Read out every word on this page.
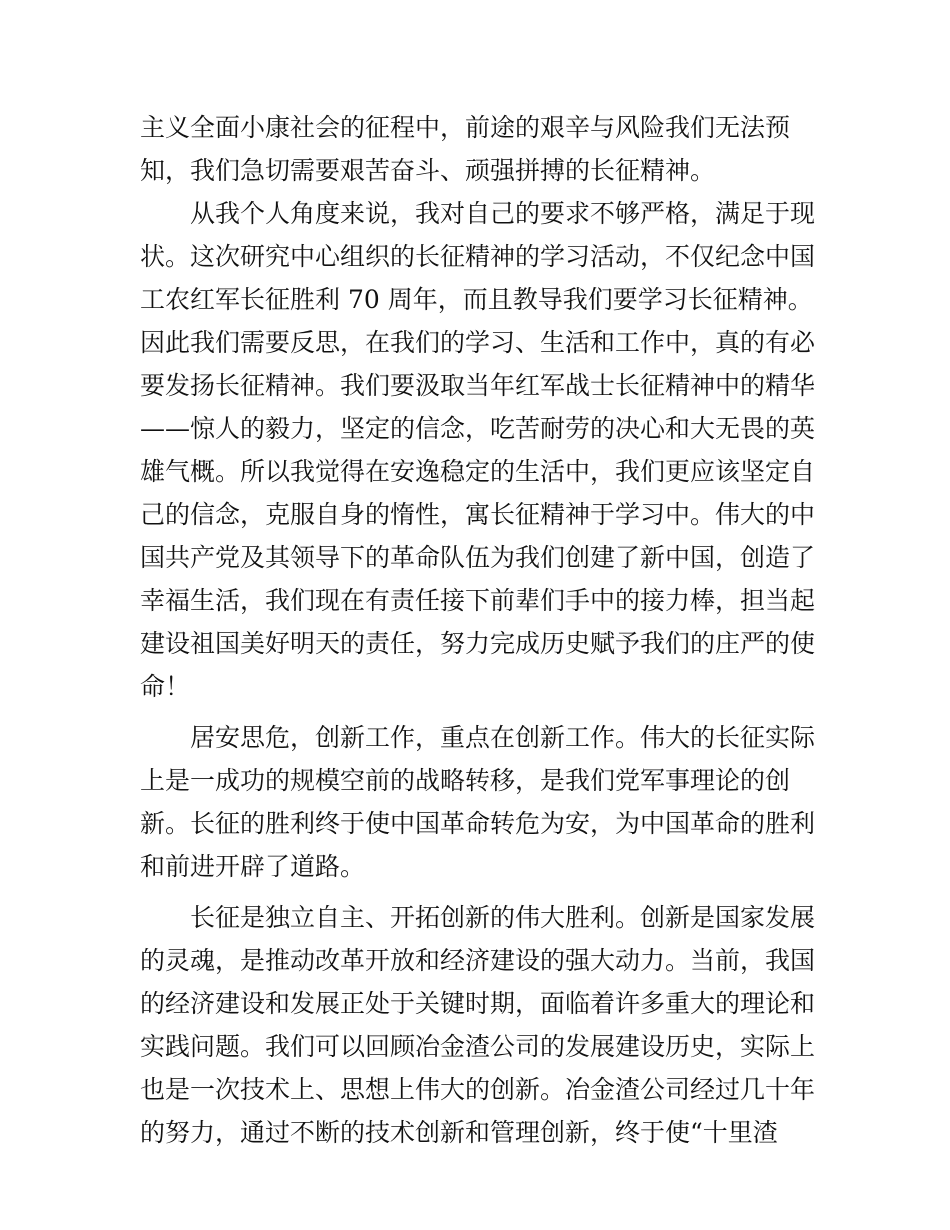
主义全面小康社会的征程中，前途的艰辛与风险我们无法预
知，我们急切需要艰苦奋斗、顽强拼搏的长征精神。
　　从我个人角度来说，我对自己的要求不够严格，满足于现
状。这次研究中心组织的长征精神的学习活动，不仅纪念中国
工农红军长征胜利 70 周年，而且教导我们要学习长征精神。
因此我们需要反思，在我们的学习、生活和工作中，真的有必
要发扬长征精神。我们要汲取当年红军战士长征精神中的精华
——惊人的毅力，坚定的信念，吃苦耐劳的决心和大无畏的英
雄气概。所以我觉得在安逸稳定的生活中，我们更应该坚定自
己的信念，克服自身的惰性，寓长征精神于学习中。伟大的中
国共产党及其领导下的革命队伍为我们创建了新中国，创造了
幸福生活，我们现在有责任接下前辈们手中的接力棒，担当起
建设祖国美好明天的责任，努力完成历史赋予我们的庄严的使
命！
　　居安思危，创新工作，重点在创新工作。伟大的长征实际
上是一成功的规模空前的战略转移，是我们党军事理论的创
新。长征的胜利终于使中国革命转危为安，为中国革命的胜利
和前进开辟了道路。
　　长征是独立自主、开拓创新的伟大胜利。创新是国家发展
的灵魂，是推动改革开放和经济建设的强大动力。当前，我国
的经济建设和发展正处于关键时期，面临着许多重大的理论和
实践问题。我们可以回顾冶金渣公司的发展建设历史，实际上
也是一次技术上、思想上伟大的创新。冶金渣公司经过几十年
的努力，通过不断的技术创新和管理创新，终于使“十里渣
